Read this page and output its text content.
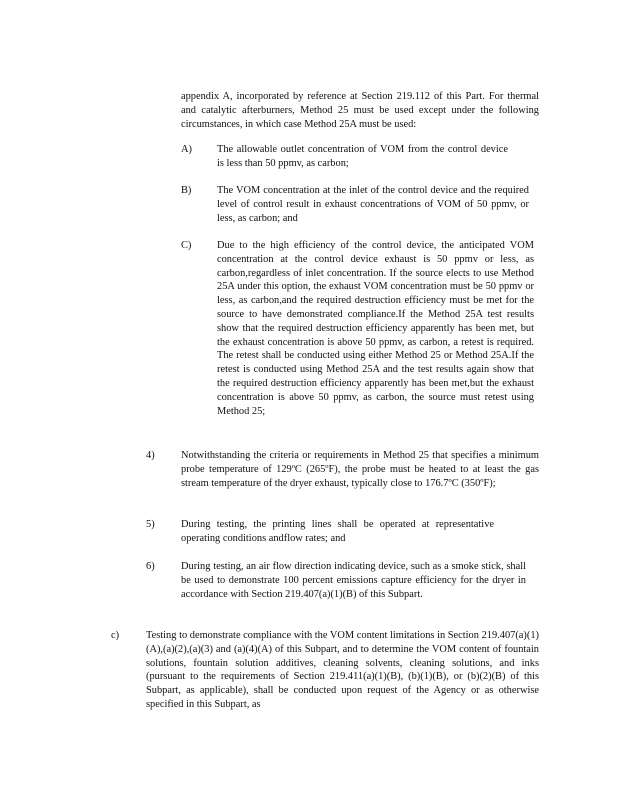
appendix A, incorporated by reference at Section 219.112 of this Part. For thermal and catalytic afterburners, Method 25 must be used except under the following circumstances, in which case Method 25A must be used:

A) The allowable outlet concentration of VOM from the control device is less than 50 ppmv, as carbon;

B) The VOM concentration at the inlet of the control device and the required level of control result in exhaust concentrations of VOM of 50 ppmv, or less, as carbon; and

C) Due to the high efficiency of the control device, the anticipated VOM concentration at the control device exhaust is 50 ppmv or less, as carbon,regardless of inlet concentration. If the source elects to use Method 25A under this option, the exhaust VOM concentration must be 50 ppmv or less, as carbon,and the required destruction efficiency must be met for the source to have demonstrated compliance.If the Method 25A test results show that the required destruction efficiency apparently has been met, but the exhaust concentration is above 50 ppmv, as carbon, a retest is required. The retest shall be conducted using either Method 25 or Method 25A.If the retest is conducted using Method 25A and the test results again show that the required destruction efficiency apparently has been met,but the exhaust concentration is above 50 ppmv, as carbon, the source must retest using Method 25;

4)	Notwithstanding the criteria or requirements in Method 25 that specifies a minimum probe temperature of 129ºC (265ºF), the probe must be heated to at least the gas stream temperature of the dryer exhaust, typically close to 176.7ºC (350ºF);

5)	During testing, the printing lines shall be operated at representative operating conditions andflow rates; and

6)	During testing, an air flow direction indicating device, such as a smoke stick, shall be used to demonstrate 100 percent emissions capture efficiency for the dryer in accordance with Section 219.407(a)(1)(B) of this Subpart.

c)	Testing to demonstrate compliance with the VOM content limitations in Section 219.407(a)(1)(A),(a)(2),(a)(3) and (a)(4)(A) of this Subpart, and to determine the VOM content of fountain solutions, fountain solution additives, cleaning solvents, cleaning solutions, and inks (pursuant to the requirements of Section 219.411(a)(1)(B), (b)(1)(B), or (b)(2)(B) of this Subpart, as applicable), shall be conducted upon request of the Agency or as otherwise specified in this Subpart, as
